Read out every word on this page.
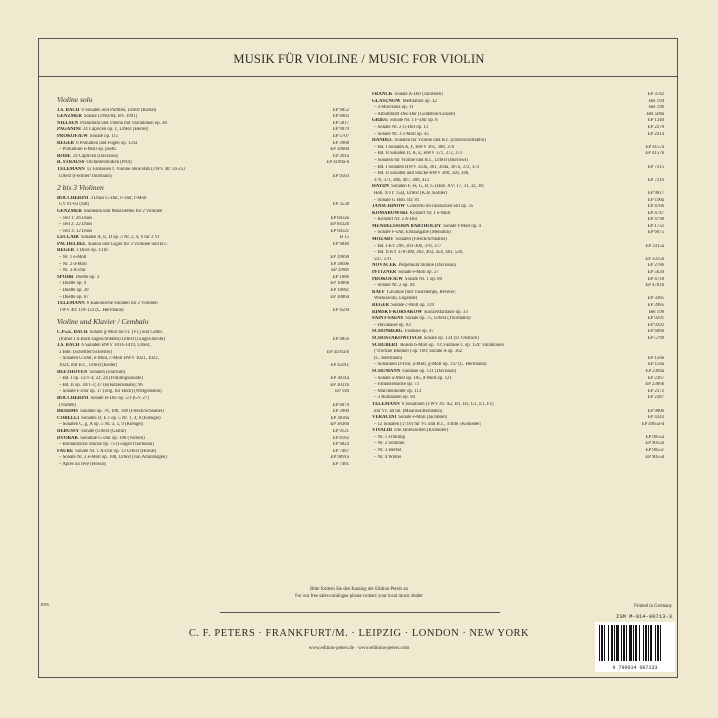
MUSIK FÜR VIOLINE / MUSIC FOR VIOLIN
Violine solo
J.S. BACH 6 Sonaten und Partiten, Urtext (Rostal)	EP 9852
GENZMER Sonate (1983/84, rev. 1991)	EP 8683
NIELSEN Präludium und Thema mit Variationen op. 48	EP 5817
PAGANINI 24 Capricen op. 1, Urtext (Herrel)	EP 9979
PROKOFJEW Sonate op. 115	EP 5707
REGER 6 Präludien und Fugen op. 131a	EP 3968
– Präludium e-Moll op. posth.	EP 3968d
RODE 24 Capricen (Davisson)	EP 281a
R. STRAUSS Orchesterstudien (Prill)	EP 4189a-h
TELEMANN 12 Fantasien f. Violine ohne Baß (TWV 40: 14-25)
Urtext (Fechner/Thormann)	EP 9563
2 bis 3 Violinen
BOCCHERINI 3 Duos G-Dur, F-Dur, f-Moll
GV 61-63 (Sitt)	EP 3538
GENZMER Studienta und Musizierten für 2 Violinen
– Teil 1: 26 Duos	EP 8432a
– Teil 2: 22 Duos	EP 8432b
– Teil 3: 12 Duos	EP 8432c
LECLAIR Sonaten A, E, D op. 3 Nr. 2, 4, 6 für 2 Vl.	H 15
PACHELBEL Kanon und Gigue für 3 Violinen und B.c.	EP 9846
REGER 3 Duos op. 131b
– Nr. 1 e-Moll	EP 3969d
– Nr. 2 d-Moll	EP 3969e
– Nr. 3 A-Dur	EP 3969f
SPOHR Duette op. 3	EP 1086
– Duette op. 9	EP 1086b
– Duette op. 39	EP 1086c
– Duette op. 67	EP 1086d
TELEMANN 6 Kanonische Sonaten für 2 Violinen
TWV 40: 118-123 (C. Herrmann)	EP 4594
Violine und Klavier / Cembalo
C.Ph.E. BACH Sonate g-Moll für Fl. (Vl.) und Cemb.
(früher J.S.Bach zugeschrieben) Urtext (Guigel/Jacobi)	EP 9856
J.S. BACH 6 Sonaten BWV 1014-1019, Urtext,
2 Bde. (Scheffler/Schleifer)	EP 4591a/b
– Sonaten G-Dur, e-Moll, c-Moll BWV 1021, 1023,
1024, mit B.c., Urtext (Keller)	EP 4591c
BEETHOVEN Sonaten (Joachim)
– Bd. I op. 12/1-3; 23; 24 (Frühlingssonate)	EP 3031a
– Bd. II op. 30/1-3; 47 (Kreutzersonate); 96	EP 3031b
– Sonate F-Dur op. 17 (orig. für Horn) (Wittgenstein)	EP 149
BOCCHERINI Sonate B-Dur op. 5/3 (GV 27)
(Vorbeli)	EP 8079
BRAHMS Sonaten op. 78, 100, 108 (Flesch/Schnabel)	EP 3900
CORELLI Sonaten D, E c op. 5 Nr. 1, 4, 8 (Klengel)	EP 3836a
– Sonaten C, g, A op. 5 Nr. 3, 5, 9 (Klengel)	EP 3836b
DEBUSSY Sonate (Urtext (Garnir)	EP 9121
DVOŘÁK Sonatine G-Dur op. 100 (Vorbeli)	EP 8162
– Romantische Stücke op. 75 (Guigel/Thormann)	EP 9824
FAURÉ Sonate Nr. 1 A-Dur op. 13 Urtext (Howat)	EP 7487
– Sonate Nr. 2 e-Moll op. 108, Urtext (van Aminmagen)	EP 9891a
– Après un rêve (Howat)	EP 7481
FRANCK Sonate A-Dur (Jacobsen)	EP 3742
GLASUNOW Meditation op. 32	Bel 194
– 4 Morceaux op. 11	Bel 196
– Albumblatt Des-Dur (Goldstein/Gunzel)	Bel 508a
GRIEG Sonate Nr. 1 F-Dur op. 8	EP 1340
– Sonate Nr. 2 G-Dur op. 13	EP 2279
– Sonate Nr. 3 c-Moll op. 45	EP 2414
HÄNDEL Sonaten für Violine und B.c. (Davisson/Ramin)
– Bd. I Sonaten A, F, HWV 361, 368, 370	EP 4157a
– Bd. II Sonaten D, A, E, HWV 371, 372, 373	EP 4157b
– Sonaten für Violine und B.c., Urtext (Burrows)
– Bd. I Sonaten HWV 359a, 361, 364a, 367a, 372, 373	EP 7315
– Bd. II Sonaten und Stücke HWV 288, 358, 368,
370, 371, 406, 407, 408, 412	EP 7316
HAYDN Sonaten F, es, G, B, G (Hob. XV: 17, 31, 32, 38;
Hob. XVI: 15a), Urtext (K.H. Köhler)	EP 9617
– Sonate G Hob. III: 81	EP 190a
JANSCHINOW Concerto im russischen Stil op. 35	EP 4766
KOMAROWSKI Konzert Nr. 1 e-Moll	EP 4747
– Konzert Nr. 2 A-Dur	EP 4790
MENDELSSOHN BARTHOLDY Sonate f-Moll op. 4	EP 1732
– Sonate F-Dur, Erstausgabe (Menuhin)	EP 6075
MOZART Sonaten (Flesch/Schnabel)
– Bd. I KV 296, 301-306, 376, 377	EP 3315a
– Bd. II KV 378-380, 402, 403, 454, 481, 526,
547, 570	EP 3315b
NOVÁČEK Perpetuum mobile (Davisson)	EP 2786
PFITZNER Sonate e-Moll op. 27	EP 5620
PROKOFJEW Sonate Nr. 1 op. 80	EP 4718
– Sonate Nr. 2 op. 94	EP 4781b
RAFF Cavatine (mit Vieuxtemps, Rêverie;
Wieniawski, Legende)	EP 3385
REGER Sonate c-Moll op. 139	EP 3985
RIMSKY-KORSAKOW Konzertfantasie op. 33	Bel 198
SAINT-SAËNS Sonate op. 75, Urtext (Thormann)	EP 9291
– Havanaise op. 83	EP 9292
SCHÖNBERG Fantasie op. 47	EP 6060
SCHOSTAKOWITSCH Sonate op. 134 (D. Oistrach)	EP 5799
SCHUBERT Rondo h-Moll op. 70; Fantasie C op. 159; Variationen
('Trockne Blumen') op. 160; Sonate A op. 162
(C. Herrmann)	EP 156b
– Sonatinen D-Dur, a-Moll, g-Moll op. 137 (C. Herrmann)	EP 156a
SCHUMANN Fantasie op. 131 (Davisson)	EP 2369a
– Sonate a-Moll op. 105, d-Moll op. 121	EP 2367
– Fantasiestücke op. 73	EP 2366b
– Märchenbilder op. 113	EP 2372
– 3 Romanzen op. 94	EP 2387
TELEMANN 6 Sonatinen (TWV 41: A2, B1, D2, G1, E1, F1)
mit Vc. ad lib. (Maurusa/Bernstein)	EP 9006
VERACINI Sonate e-Moll (Jacobsen)	EP 4343
– 12 Sonaten (1716) für Vl. und B.c., 4 Bde. (Kolneder)	EP 4965a-d
VIVALDI Die Jahreszeiten (Kolneder)
– Nr. 1 Frühling	EP 9055a
– Nr. 2 Sommer	EP 9055b
– Nr. 3 Herbst	EP 9055c
– Nr. 4 Winter	EP 9055d
Bitte fordern Sie den Katalog der Edition Peters an
For our free sales-catalogue please contact your local music dealer
C. F. PETERS · FRANKFURT/M. · LEIPZIG · LONDON · NEW YORK
www.edition-peters.de · www.editions-peters.com
1095	Printed in Germany
ISM M-014-00713-3
9 790014 007133
